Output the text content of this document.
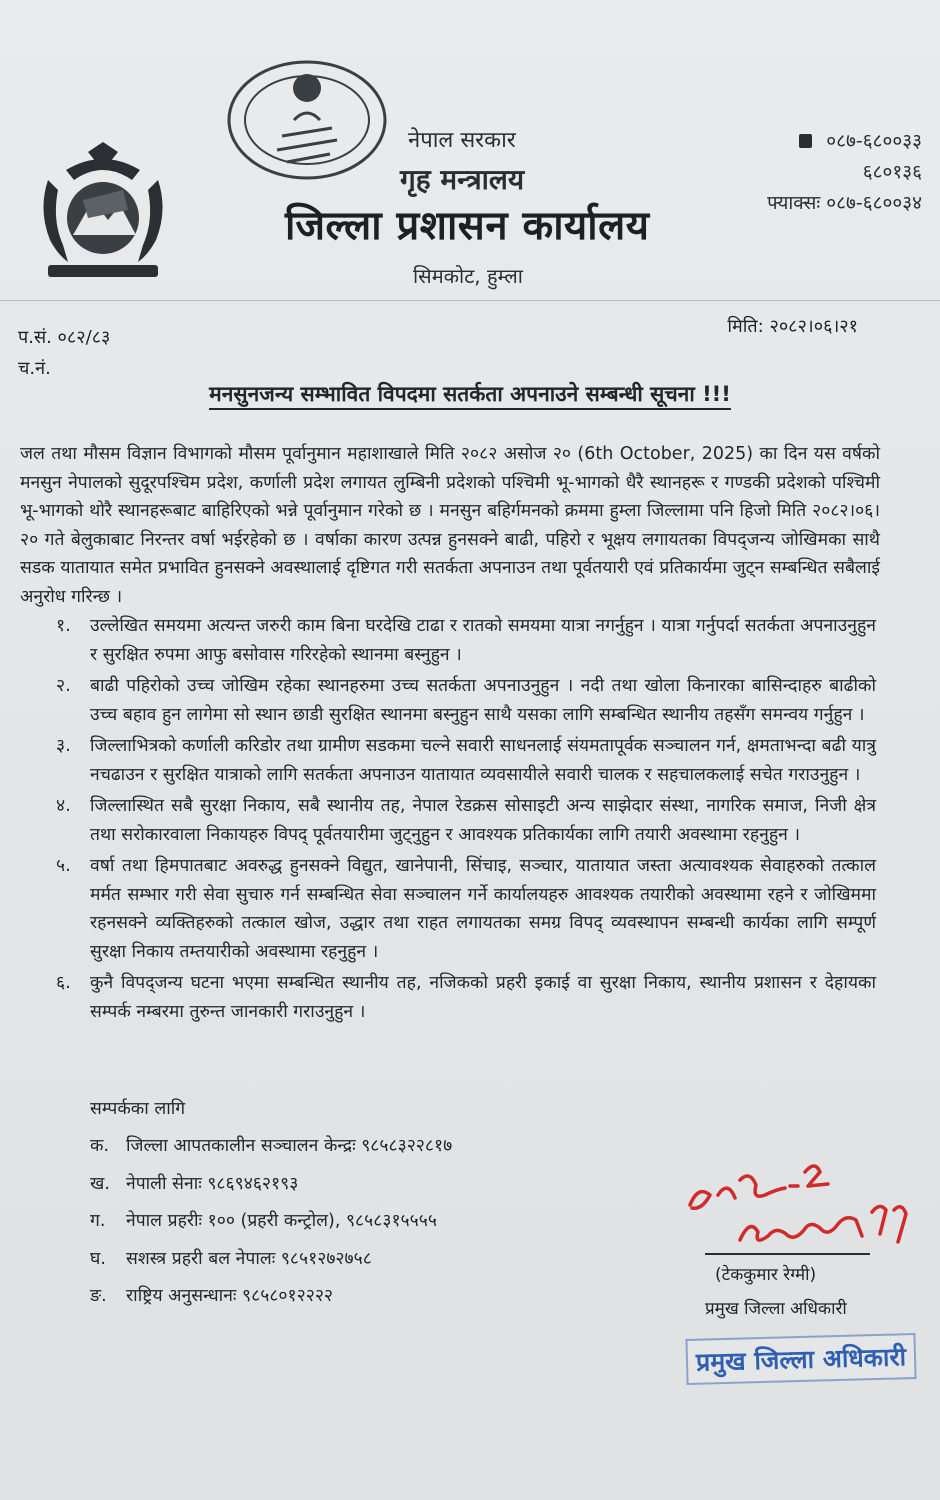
नेपाल सरकार
गृह मन्त्रालय
जिल्ला प्रशासन कार्यालय
सिमकोट, हुम्ला
०८७-६८००३३
६८०१३६
फ्याक्सः ०८७-६८००३४
प.सं. ०८२/८३
च.नं.
मिति: २०८२।०६।२१
मनसुनजन्य सम्भावित विपदमा सतर्कता अपनाउने सम्बन्धी सूचना !!!
जल तथा मौसम विज्ञान विभागको मौसम पूर्वानुमान महाशाखाले मिति २०८२ असोज २० (6th October, 2025) का दिन यस वर्षको मनसुन नेपालको सुदूरपश्चिम प्रदेश, कर्णाली प्रदेश लगायत लुम्बिनी प्रदेशको पश्चिमी भू-भागको धैरै स्थानहरू र गण्डकी प्रदेशको पश्चिमी भू-भागको थोरै स्थानहरूबाट बाहिरिएको भन्ने पूर्वानुमान गरेको छ । मनसुन बहिर्गमनको क्रममा हुम्ला जिल्लामा पनि हिजो मिति २०८२।०६।२० गते बेलुकाबाट निरन्तर वर्षा भईरहेको छ । वर्षाका कारण उत्पन्न हुनसक्ने बाढी, पहिरो र भूक्षय लगायतका विपद्जन्य जोखिमका साथै सडक यातायात समेत प्रभावित हुनसक्ने अवस्थालाई दृष्टिगत गरी सतर्कता अपनाउन तथा पूर्वतयारी एवं प्रतिकार्यमा जुट्न सम्बन्धित सबैलाई अनुरोध गरिन्छ ।
१.	उल्लेखित समयमा अत्यन्त जरुरी काम बिना घरदेखि टाढा र रातको समयमा यात्रा नगर्नुहुन । यात्रा गर्नुपर्दा सतर्कता अपनाउनुहुन र सुरक्षित रुपमा आफु बसोवास गरिरहेको स्थानमा बस्नुहुन ।
२.	बाढी पहिरोको उच्च जोखिम रहेका स्थानहरुमा उच्च सतर्कता अपनाउनुहुन । नदी तथा खोला किनारका बासिन्दाहरु बाढीको उच्च बहाव हुन लागेमा सो स्थान छाडी सुरक्षित स्थानमा बस्नुहुन साथै यसका लागि सम्बन्धित स्थानीय तहसँग समन्वय गर्नुहुन ।
३.	जिल्लाभित्रको कर्णाली करिडोर तथा ग्रामीण सडकमा चल्ने सवारी साधनलाई संयमतापूर्वक सञ्चालन गर्न, क्षमताभन्दा बढी यात्रु नचढाउन र सुरक्षित यात्राको लागि सतर्कता अपनाउन यातायात व्यवसायीले सवारी चालक र सहचालकलाई सचेत गराउनुहुन ।
४.	जिल्लास्थित सबै सुरक्षा निकाय, सबै स्थानीय तह, नेपाल रेडक्रस सोसाइटी अन्य साझेदार संस्था, नागरिक समाज, निजी क्षेत्र तथा सरोकारवाला निकायहरु विपद् पूर्वतयारीमा जुट्नुहुन र आवश्यक प्रतिकार्यका लागि तयारी अवस्थामा रहनुहुन ।
५.	वर्षा तथा हिमपातबाट अवरुद्ध हुनसक्ने विद्युत, खानेपानी, सिंचाइ, सञ्चार, यातायात जस्ता अत्यावश्यक सेवाहरुको तत्काल मर्मत सम्भार गरी सेवा सुचारु गर्न सम्बन्धित सेवा सञ्चालन गर्ने कार्यालयहरु आवश्यक तयारीको अवस्थामा रहने र जोखिममा रहनसक्ने व्यक्तिहरुको तत्काल खोज, उद्धार तथा राहत लगायतका समग्र विपद् व्यवस्थापन सम्बन्धी कार्यका लागि सम्पूर्ण सुरक्षा निकाय तम्तयारीको अवस्थामा रहनुहुन ।
६.	कुनै विपद्जन्य घटना भएमा सम्बन्धित स्थानीय तह, नजिकको प्रहरी इकाई वा सुरक्षा निकाय, स्थानीय प्रशासन र देहायका सम्पर्क नम्बरमा तुरुन्त जानकारी गराउनुहुन ।
सम्पर्कका लागि
क. जिल्ला आपतकालीन सञ्चालन केन्द्रः ९८५८३२२८१७
ख. नेपाली सेनाः ९८६९४६२१९३
ग. नेपाल प्रहरीः १०० (प्रहरी कन्ट्रोल), ९८५८३१५५५५
घ. सशस्त्र प्रहरी बल नेपालः ९८५१२७२७५८
ङ. राष्ट्रिय अनुसन्धानः ९८५८०१२२२२
(टेककुमार रेग्मी)
प्रमुख जिल्ला अधिकारी
प्रमुख जिल्ला अधिकारी
